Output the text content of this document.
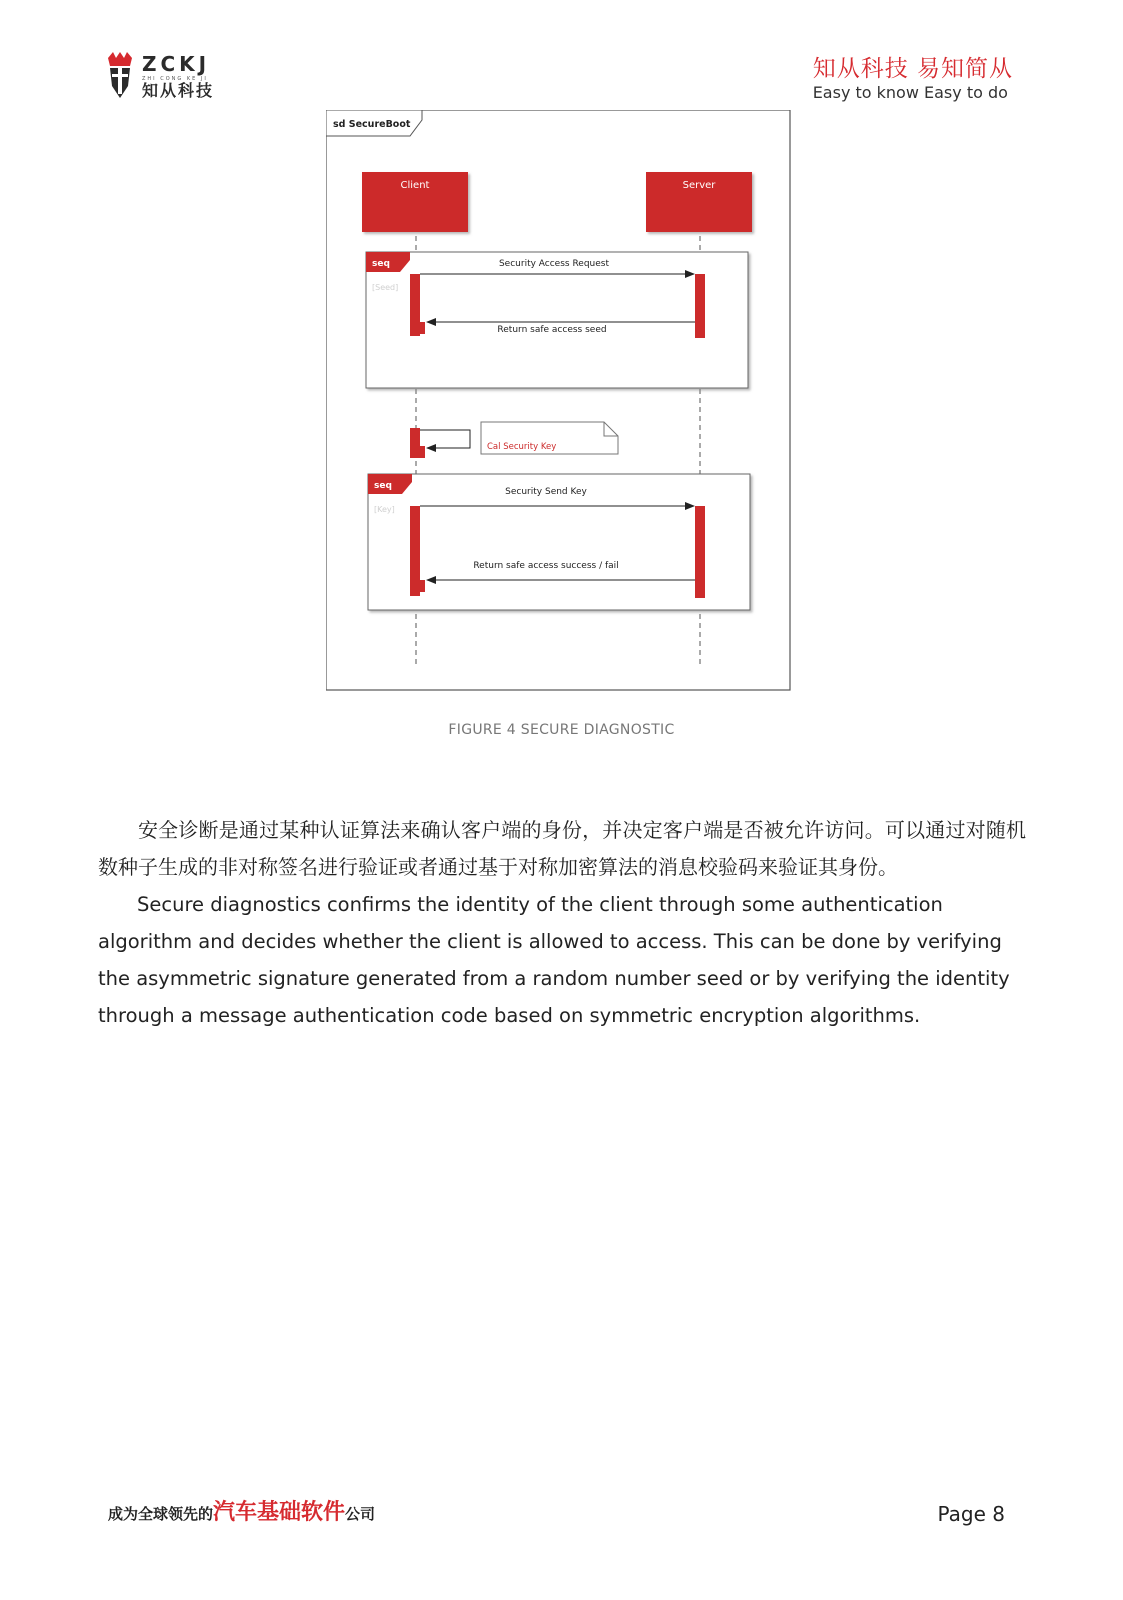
ZCKJ
ZHI CONG KE JI
知从科技
知从科技 易知简从
Easy to know Easy to do
sd SecureBoot
Client	Server
seq
[Seed]
Security Access Request
Return safe access seed
Cal Security Key
seq
[Key]
Security Send Key
Return safe access success / fail
FIGURE 4 SECURE DIAGNOSTIC

安全诊断是通过某种认证算法来确认客户端的身份，并决定客户端是否被允许访问。可以通过对随机数种子生成的非对称签名进行验证或者通过基于对称加密算法的消息校验码来验证其身份。

Secure diagnostics confirms the identity of the client through some authentication algorithm and decides whether the client is allowed to access. This can be done by verifying the asymmetric signature generated from a random number seed or by verifying the identity through a message authentication code based on symmetric encryption algorithms.

成为全球领先的汽车基础软件公司	Page 8
